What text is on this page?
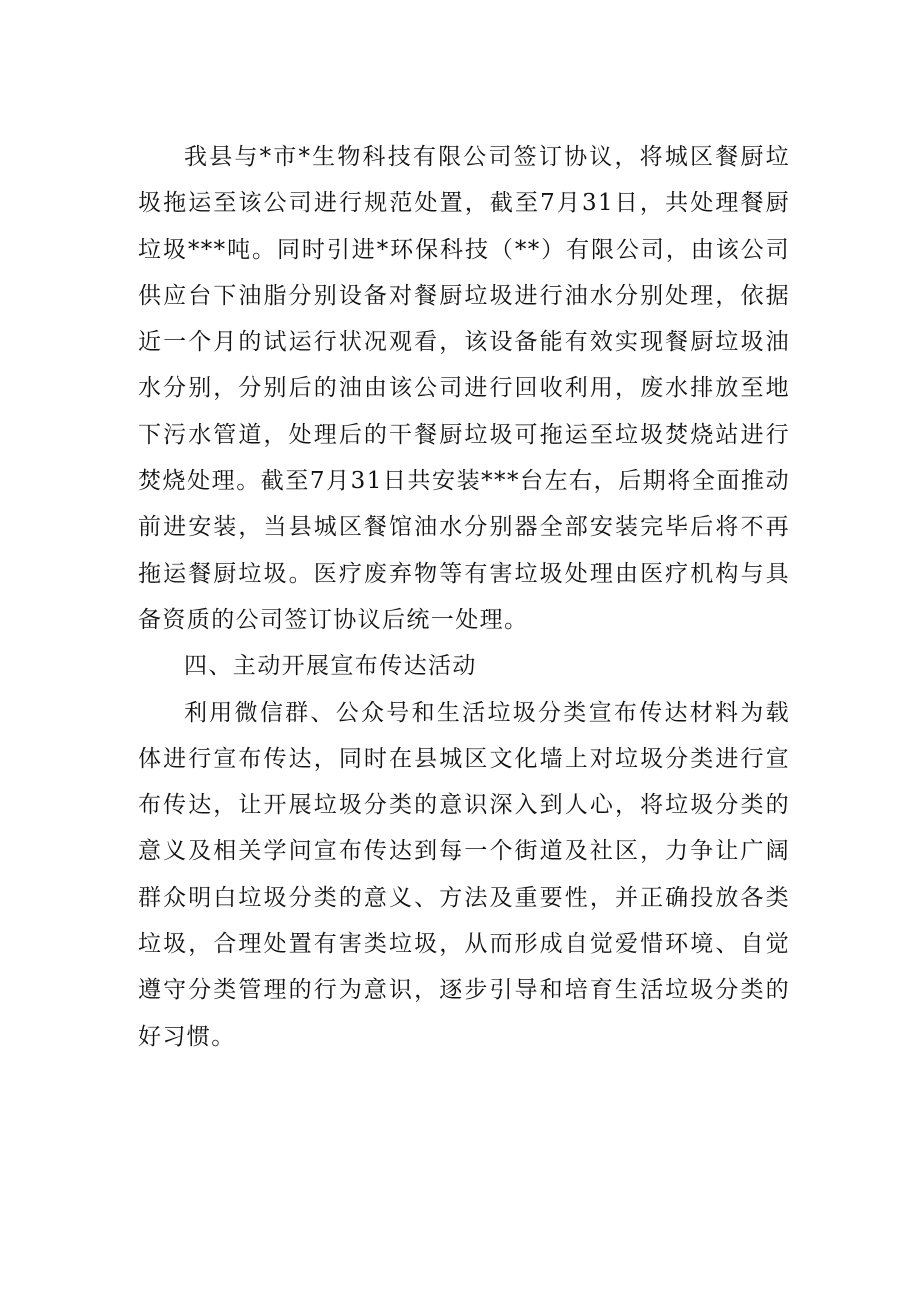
我县与*市*生物科技有限公司签订协议，将城区餐厨垃圾拖运至该公司进行规范处置，截至7月31日，共处理餐厨垃圾***吨。同时引进*环保科技（**）有限公司，由该公司供应台下油脂分别设备对餐厨垃圾进行油水分别处理，依据近一个月的试运行状况观看，该设备能有效实现餐厨垃圾油水分别，分别后的油由该公司进行回收利用，废水排放至地下污水管道，处理后的干餐厨垃圾可拖运至垃圾焚烧站进行焚烧处理。截至7月31日共安装***台左右，后期将全面推动前进安装，当县城区餐馆油水分别器全部安装完毕后将不再拖运餐厨垃圾。医疗废弃物等有害垃圾处理由医疗机构与具备资质的公司签订协议后统一处理。

四、主动开展宣布传达活动

利用微信群、公众号和生活垃圾分类宣布传达材料为载体进行宣布传达，同时在县城区文化墙上对垃圾分类进行宣布传达，让开展垃圾分类的意识深入到人心，将垃圾分类的意义及相关学问宣布传达到每一个街道及社区，力争让广阔群众明白垃圾分类的意义、方法及重要性，并正确投放各类垃圾，合理处置有害类垃圾，从而形成自觉爱惜环境、自觉遵守分类管理的行为意识，逐步引导和培育生活垃圾分类的好习惯。
